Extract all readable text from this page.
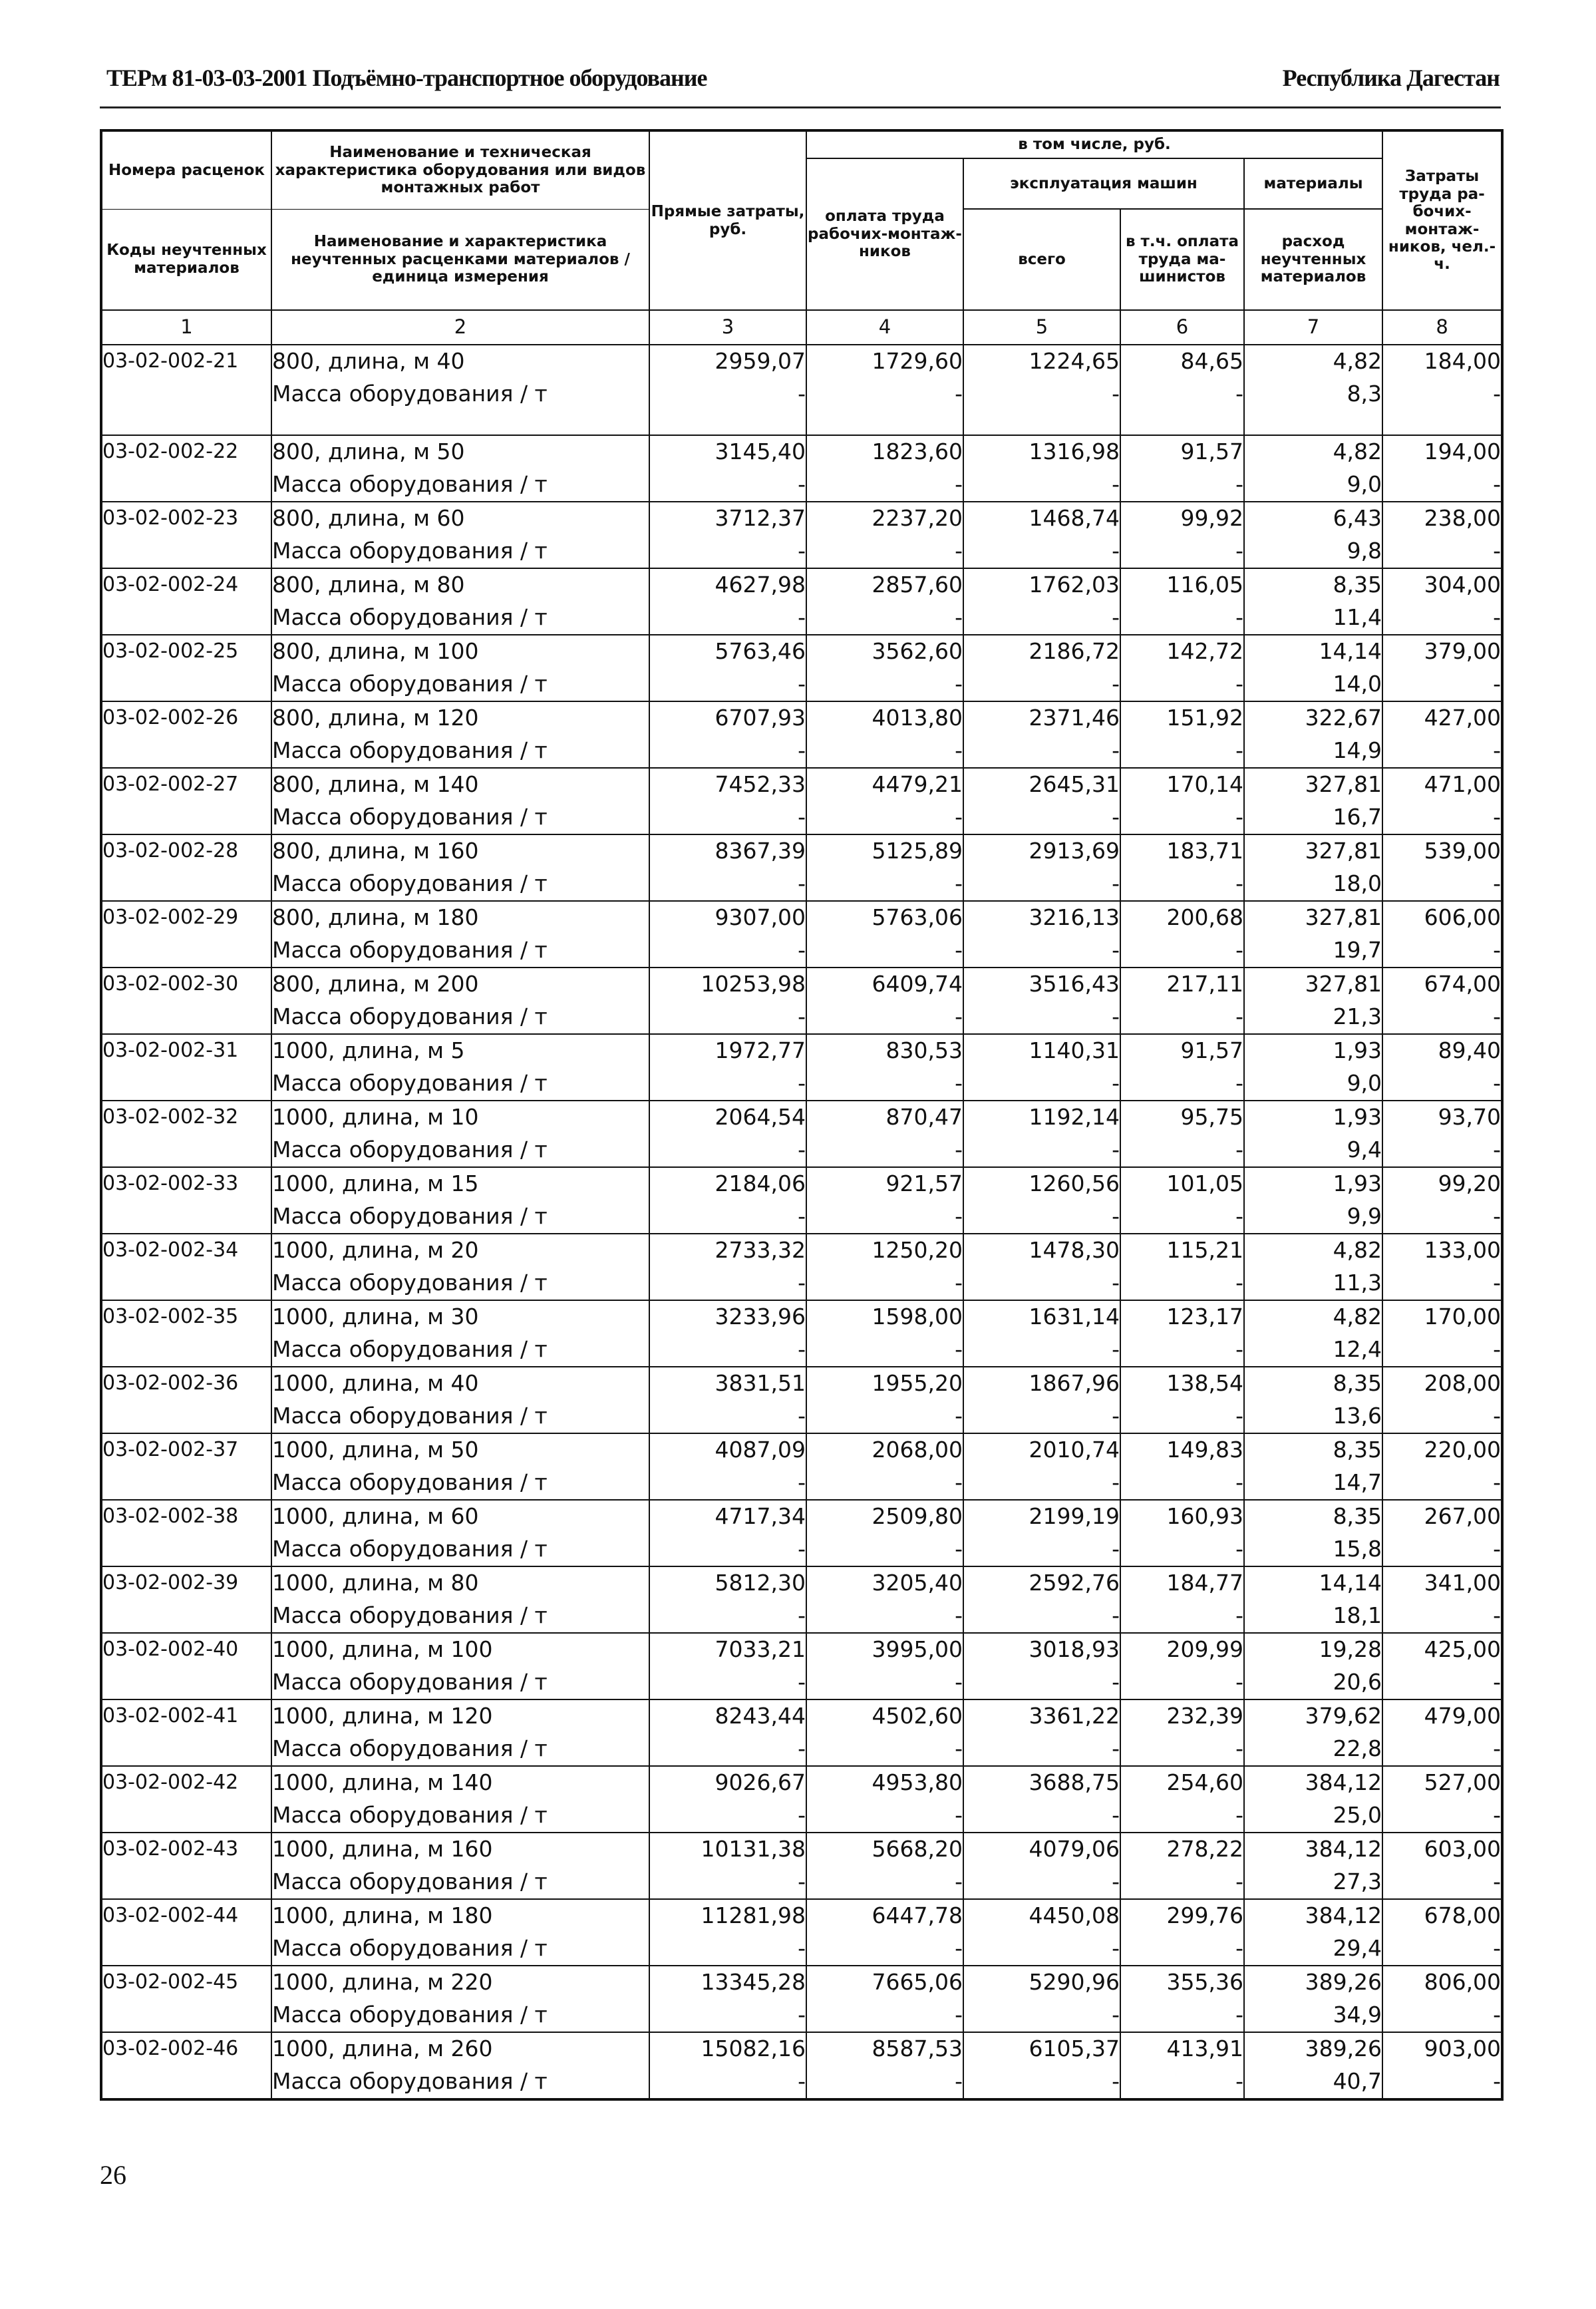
ТЕРм 81-03-03-2001 Подъёмно-транспортное оборудование	Республика Дагестан
Номера расценок	Наименование и техническая характеристика оборудования или видов монтажных работ	Прямые затраты, руб.	в том числе, руб.				Затраты труда ра-бочих-монтаж-ников, чел.-ч.
			оплата труда рабочих-монтаж-ников	эксплуатация машин		материалы	
Коды неучтенных материалов	Наименование и характеристика неучтенных расценками материалов / единица измерения			всего	в т.ч. оплата труда ма-шинистов	расход неучтенных материалов	
1	2	3	4	5	6	7	8
03-02-002-21	800, длина, м 40	2959,07	1729,60	1224,65	84,65	4,82	184,00
	Масса оборудования / т	-	-	-	-	8,3	-
03-02-002-22	800, длина, м 50	3145,40	1823,60	1316,98	91,57	4,82	194,00
	Масса оборудования / т	-	-	-	-	9,0	-
03-02-002-23	800, длина, м 60	3712,37	2237,20	1468,74	99,92	6,43	238,00
	Масса оборудования / т	-	-	-	-	9,8	-
03-02-002-24	800, длина, м 80	4627,98	2857,60	1762,03	116,05	8,35	304,00
	Масса оборудования / т	-	-	-	-	11,4	-
03-02-002-25	800, длина, м 100	5763,46	3562,60	2186,72	142,72	14,14	379,00
	Масса оборудования / т	-	-	-	-	14,0	-
03-02-002-26	800, длина, м 120	6707,93	4013,80	2371,46	151,92	322,67	427,00
	Масса оборудования / т	-	-	-	-	14,9	-
03-02-002-27	800, длина, м 140	7452,33	4479,21	2645,31	170,14	327,81	471,00
	Масса оборудования / т	-	-	-	-	16,7	-
03-02-002-28	800, длина, м 160	8367,39	5125,89	2913,69	183,71	327,81	539,00
	Масса оборудования / т	-	-	-	-	18,0	-
03-02-002-29	800, длина, м 180	9307,00	5763,06	3216,13	200,68	327,81	606,00
	Масса оборудования / т	-	-	-	-	19,7	-
03-02-002-30	800, длина, м 200	10253,98	6409,74	3516,43	217,11	327,81	674,00
	Масса оборудования / т	-	-	-	-	21,3	-
03-02-002-31	1000, длина, м 5	1972,77	830,53	1140,31	91,57	1,93	89,40
	Масса оборудования / т	-	-	-	-	9,0	-
03-02-002-32	1000, длина, м 10	2064,54	870,47	1192,14	95,75	1,93	93,70
	Масса оборудования / т	-	-	-	-	9,4	-
03-02-002-33	1000, длина, м 15	2184,06	921,57	1260,56	101,05	1,93	99,20
	Масса оборудования / т	-	-	-	-	9,9	-
03-02-002-34	1000, длина, м 20	2733,32	1250,20	1478,30	115,21	4,82	133,00
	Масса оборудования / т	-	-	-	-	11,3	-
03-02-002-35	1000, длина, м 30	3233,96	1598,00	1631,14	123,17	4,82	170,00
	Масса оборудования / т	-	-	-	-	12,4	-
03-02-002-36	1000, длина, м 40	3831,51	1955,20	1867,96	138,54	8,35	208,00
	Масса оборудования / т	-	-	-	-	13,6	-
03-02-002-37	1000, длина, м 50	4087,09	2068,00	2010,74	149,83	8,35	220,00
	Масса оборудования / т	-	-	-	-	14,7	-
03-02-002-38	1000, длина, м 60	4717,34	2509,80	2199,19	160,93	8,35	267,00
	Масса оборудования / т	-	-	-	-	15,8	-
03-02-002-39	1000, длина, м 80	5812,30	3205,40	2592,76	184,77	14,14	341,00
	Масса оборудования / т	-	-	-	-	18,1	-
03-02-002-40	1000, длина, м 100	7033,21	3995,00	3018,93	209,99	19,28	425,00
	Масса оборудования / т	-	-	-	-	20,6	-
03-02-002-41	1000, длина, м 120	8243,44	4502,60	3361,22	232,39	379,62	479,00
	Масса оборудования / т	-	-	-	-	22,8	-
03-02-002-42	1000, длина, м 140	9026,67	4953,80	3688,75	254,60	384,12	527,00
	Масса оборудования / т	-	-	-	-	25,0	-
03-02-002-43	1000, длина, м 160	10131,38	5668,20	4079,06	278,22	384,12	603,00
	Масса оборудования / т	-	-	-	-	27,3	-
03-02-002-44	1000, длина, м 180	11281,98	6447,78	4450,08	299,76	384,12	678,00
	Масса оборудования / т	-	-	-	-	29,4	-
03-02-002-45	1000, длина, м 220	13345,28	7665,06	5290,96	355,36	389,26	806,00
	Масса оборудования / т	-	-	-	-	34,9	-
03-02-002-46	1000, длина, м 260	15082,16	8587,53	6105,37	413,91	389,26	903,00
	Масса оборудования / т	-	-	-	-	40,7	-
26
